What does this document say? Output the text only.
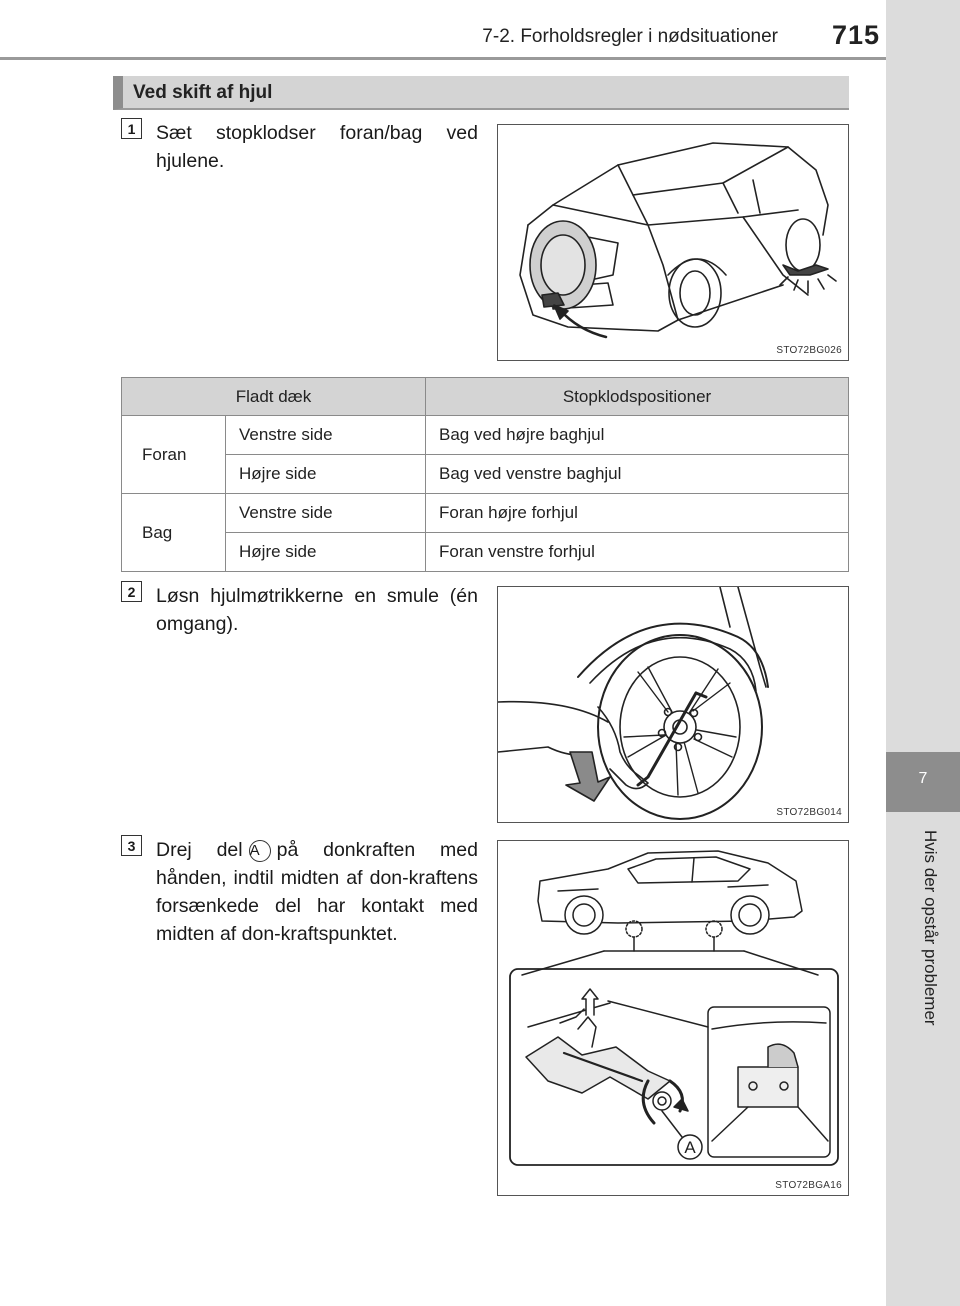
7-2. Forholdsregler i nødsituationer 715
7
Hvis der opstår problemer
Ved skift af hjul
1	Sæt stopklodser foran/bag ved hjulene.
STO72BG026
Fladt dæk		Stopklodspositioner
Foran	Venstre side	Bag ved højre baghjul
	Højre side	Bag ved venstre baghjul
Bag	Venstre side	Foran højre forhjul
	Højre side	Foran venstre forhjul
2	Løsn hjulmøtrikkerne en smule (én omgang).
STO72BG014
3	Drej del A på donkraften med hånden, indtil midten af don-kraftens forsænkede del har kontakt med midten af don-kraftspunktet.
A
STO72BGA16
